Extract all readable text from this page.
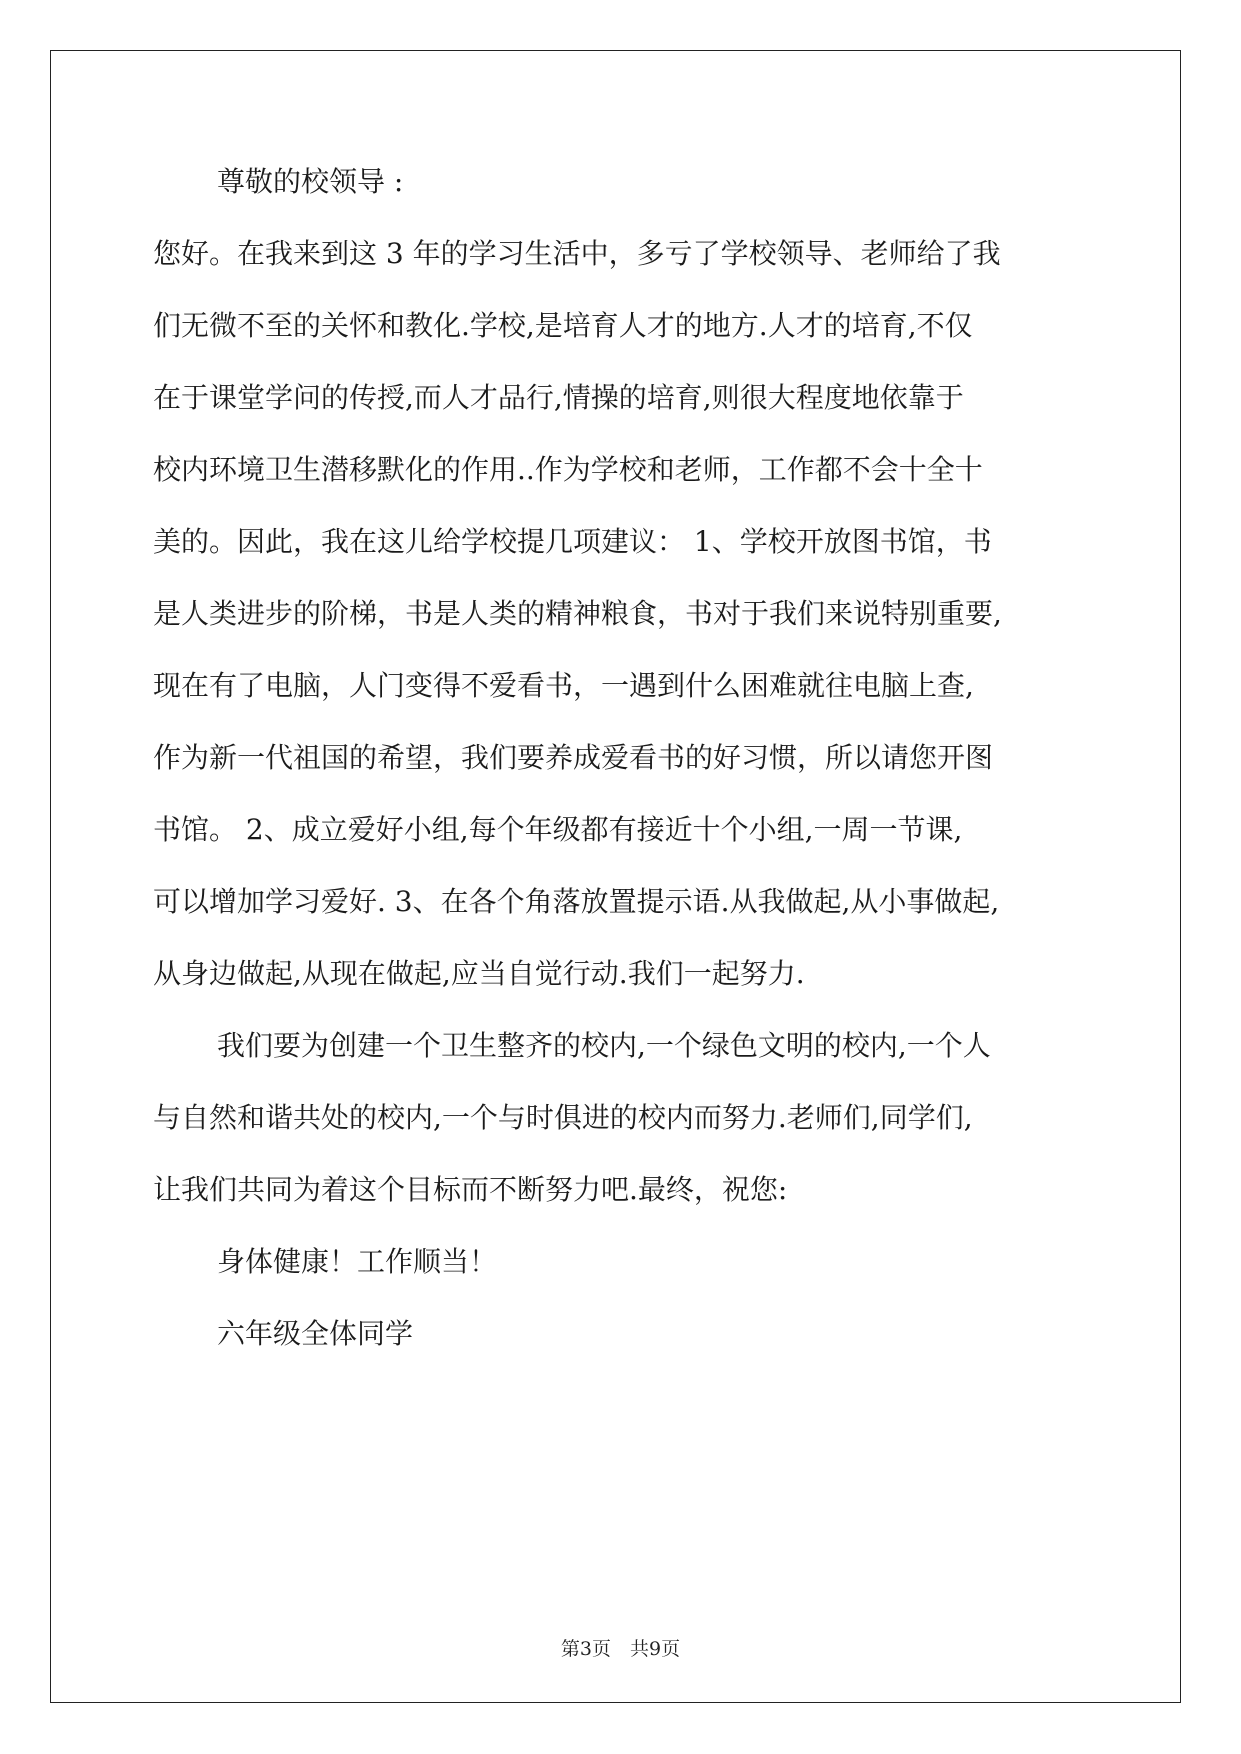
尊敬的校领导 :
您好。在我来到这 3 年的学习生活中，多亏了学校领导、老师给了我
们无微不至的关怀和教化.学校,是培育人才的地方.人才的培育,不仅
在于课堂学问的传授,而人才品行,情操的培育,则很大程度地依靠于
校内环境卫生潜移默化的作用..作为学校和老师，工作都不会十全十
美的。因此，我在这儿给学校提几项建议： 1、学校开放图书馆，书
是人类进步的阶梯，书是人类的精神粮食，书对于我们来说特别重要,
现在有了电脑，人门变得不爱看书，一遇到什么困难就往电脑上查,
作为新一代祖国的希望，我们要养成爱看书的好习惯，所以请您开图
书馆。 2、成立爱好小组,每个年级都有接近十个小组,一周一节课,
可以增加学习爱好. 3、在各个角落放置提示语.从我做起,从小事做起,
从身边做起,从现在做起,应当自觉行动.我们一起努力.
我们要为创建一个卫生整齐的校内,一个绿色文明的校内,一个人
与自然和谐共处的校内,一个与时俱进的校内而努力.老师们,同学们,
让我们共同为着这个目标而不断努力吧.最终，祝您:
身体健康！工作顺当！
六年级全体同学
第3页　共9页
